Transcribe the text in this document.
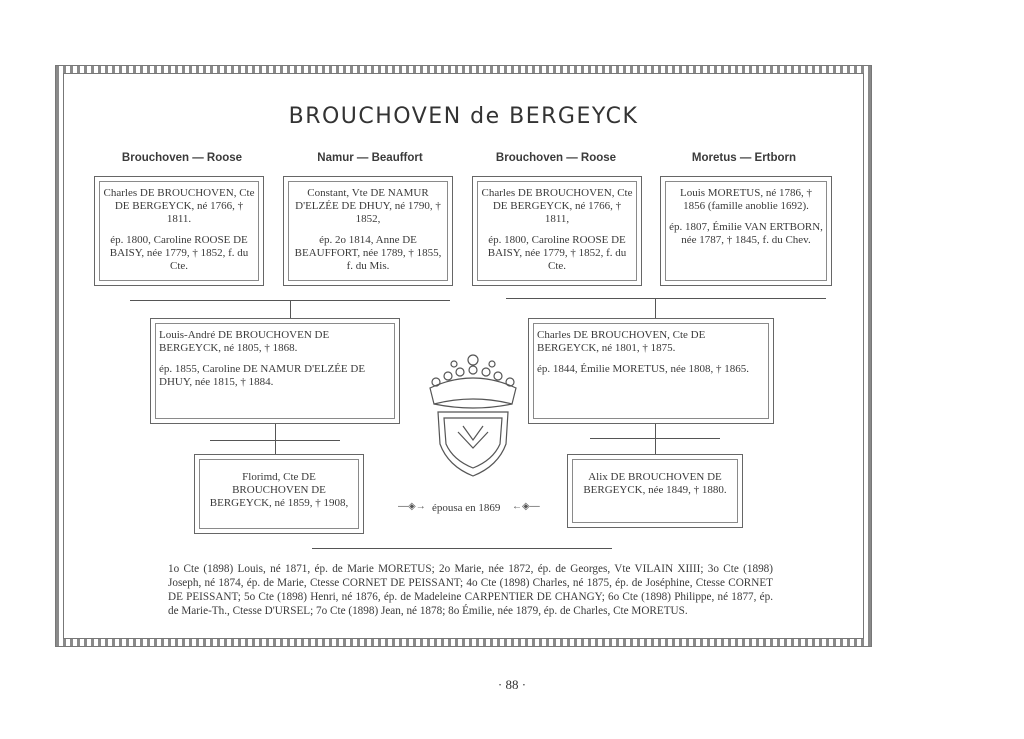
BROUCHOVEN de BERGEYCK
Brouchoven — Roose	Namur — Beauffort	Brouchoven — Roose	Moretus — Ertborn

Charles DE BROUCHOVEN, Cte DE BERGEYCK, né 1766, † 1811.

ép. 1800, Caroline ROOSE DE BAISY, née 1779, † 1852, f. du Cte.

Constant, Vte DE NAMUR D'ELZÉE DE DHUY, né 1790, † 1852,

ép. 2o 1814, Anne DE BEAUFFORT, née 1789, † 1855, f. du Mis.

Charles DE BROUCHOVEN, Cte DE BERGEYCK, né 1766, † 1811,

ép. 1800, Caroline ROOSE DE BAISY, née 1779, † 1852, f. du Cte.

Louis MORETUS, né 1786, † 1856 (famille anoblie 1692).

ép. 1807, Émilie VAN ERTBORN, née 1787, † 1845, f. du Chev.

Louis-André DE BROUCHOVEN DE BERGEYCK, né 1805, † 1868.

ép. 1855, Caroline DE NAMUR D'ELZÉE DE DHUY, née 1815, † 1884.

Charles DE BROUCHOVEN, Cte DE BERGEYCK, né 1801, † 1875.

ép. 1844, Émilie MORETUS, née 1808, † 1865.

Florimd, Cte DE BROUCHOVEN DE BERGEYCK, né 1859, † 1908,

Alix DE BROUCHOVEN DE BERGEYCK, née 1849, † 1880.

—◈→ épousa en 1869 ←◈—
1o Cte (1898) Louis, né 1871, ép. de Marie MORETUS; 2o Marie, née 1872, ép. de Georges, Vte VILAIN XIIII; 3o Cte (1898) Joseph, né 1874, ép. de Marie, Ctesse CORNET DE PEISSANT; 4o Cte (1898) Charles, né 1875, ép. de Joséphine, Ctesse CORNET DE PEISSANT; 5o Cte (1898) Henri, né 1876, ép. de Madeleine CARPENTIER DE CHANGY; 6o Cte (1898) Philippe, né 1877, ép. de Marie-Th., Ctesse D'URSEL; 7o Cte (1898) Jean, né 1878; 8o Émilie, née 1879, ép. de Charles, Cte MORETUS.
· 88 ·
